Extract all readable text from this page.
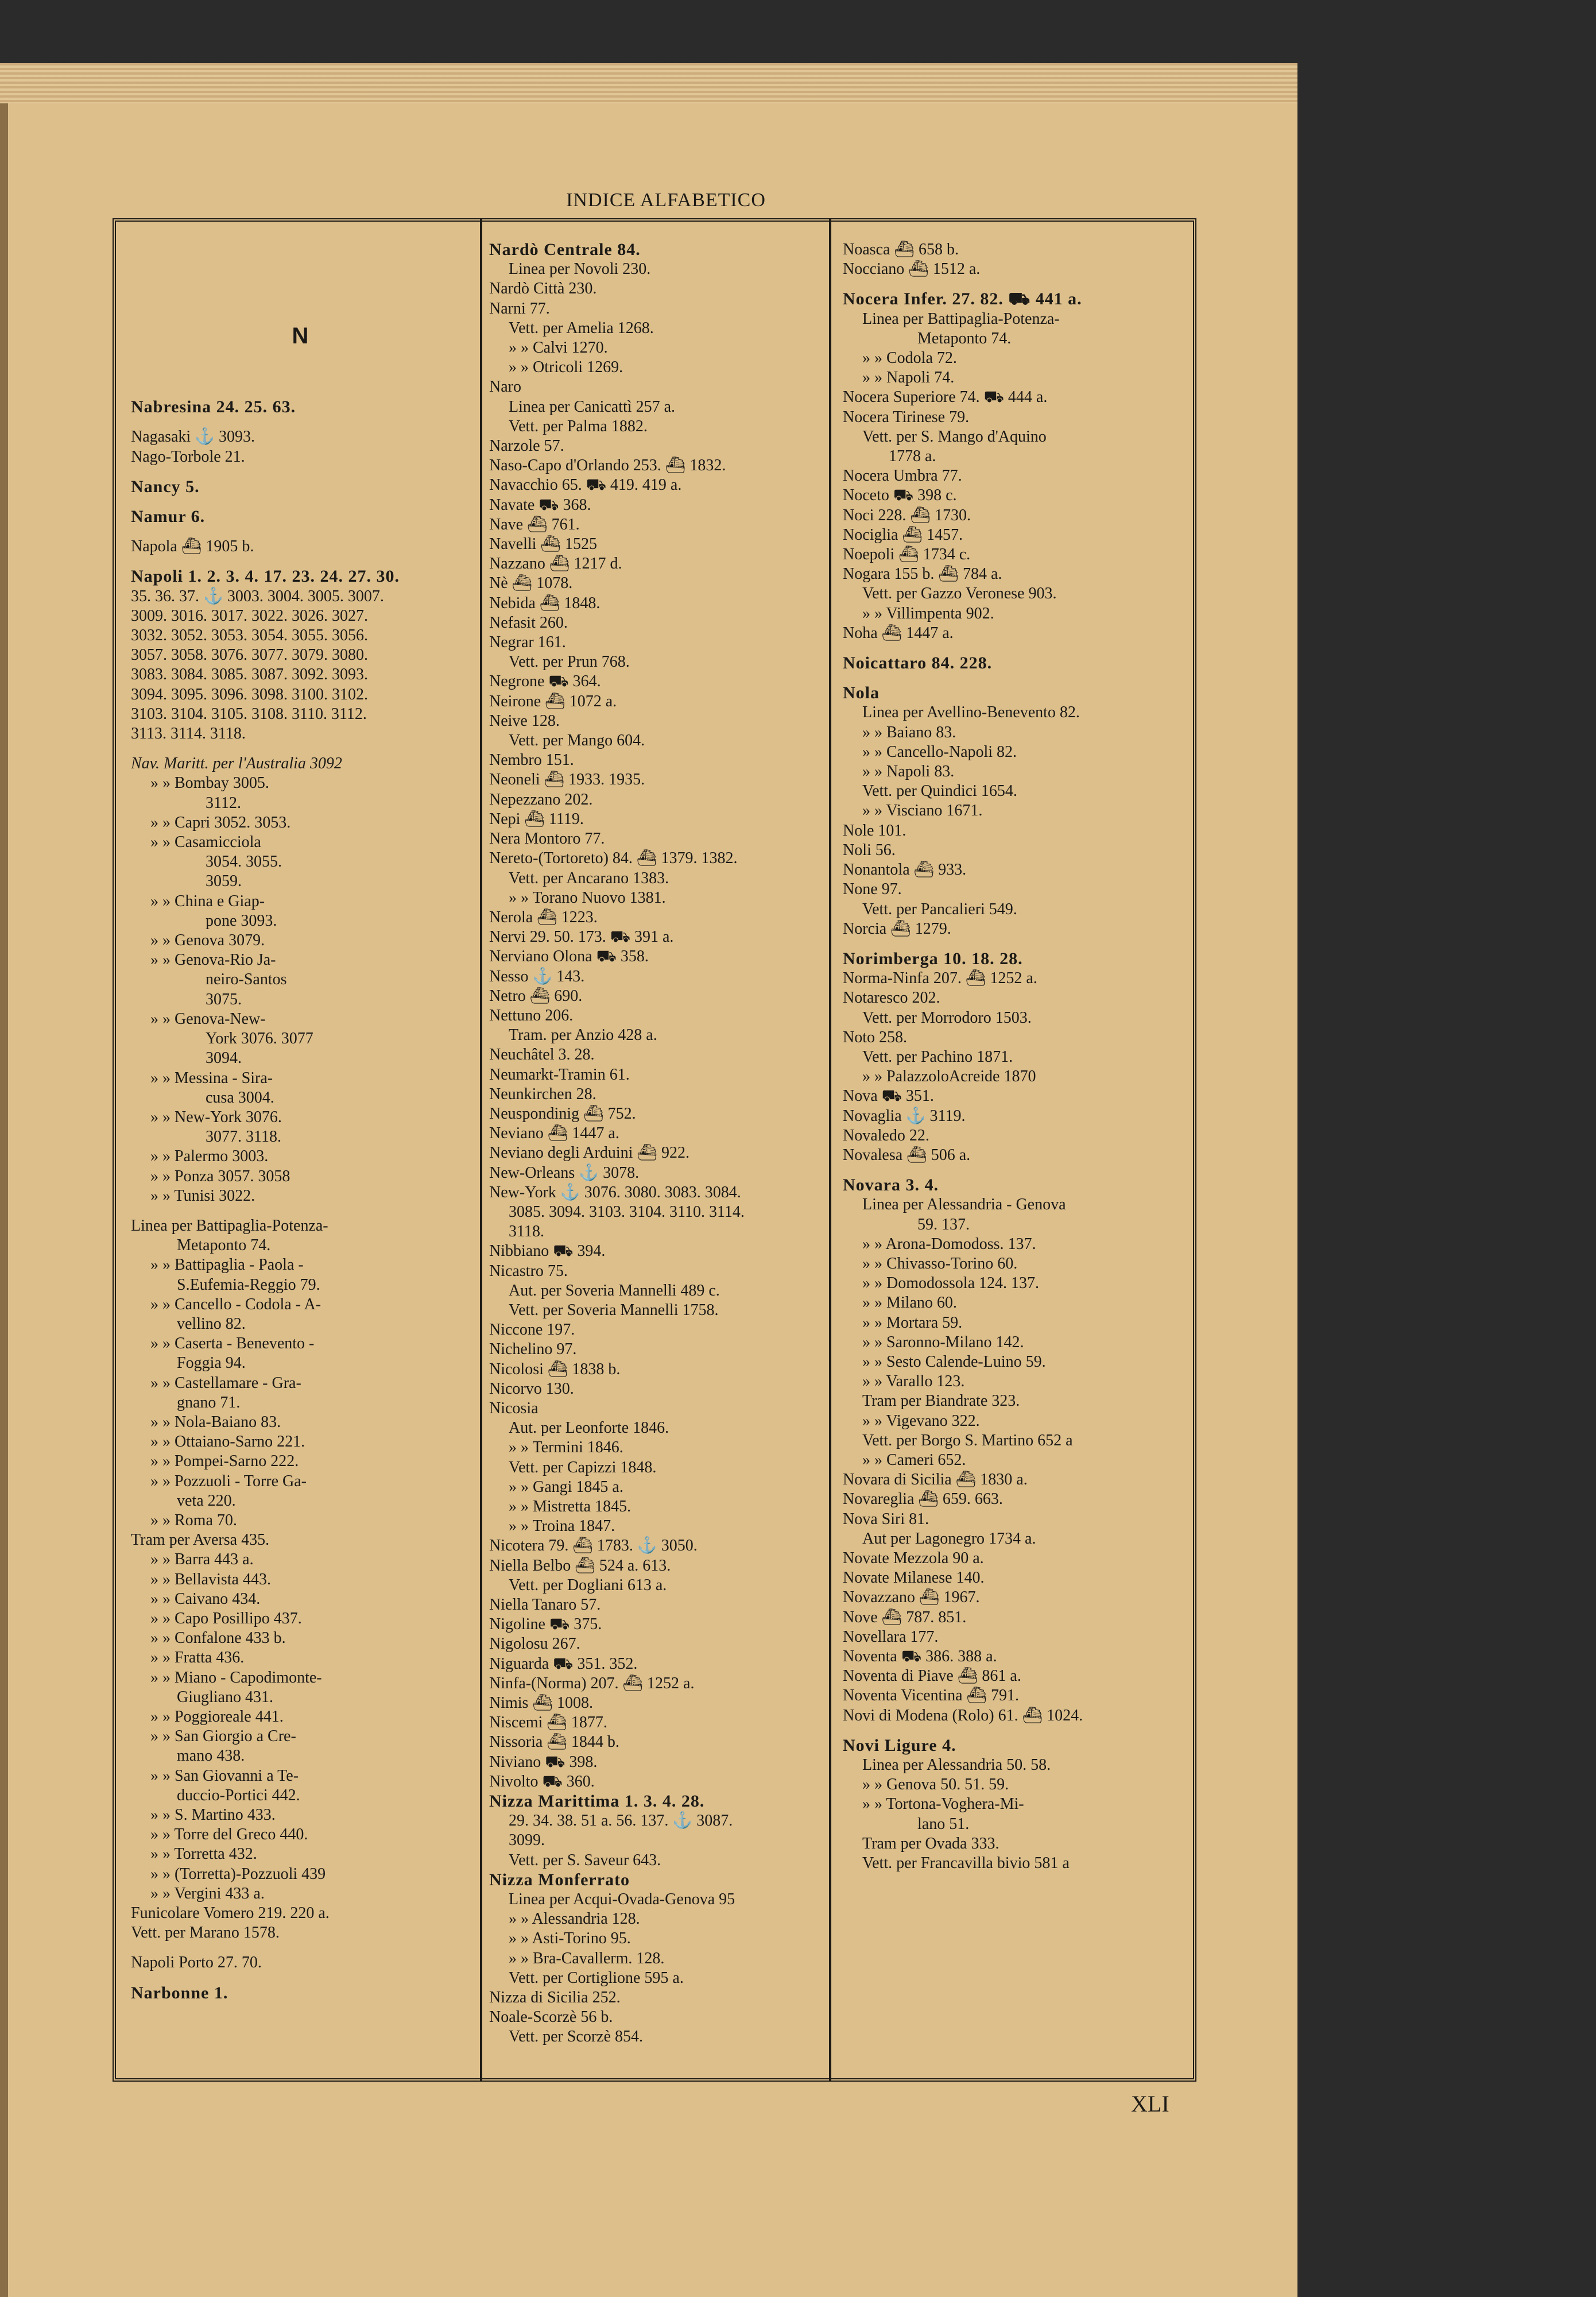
INDICE ALFABETICO
N
Nabresina 24. 25. 63.
Nagasaki ⚓ 3093.
Nago-Torbole 21.
Nancy 5.
Namur 6.
Napola ⛴ 1905 b.
Napoli 1. 2. 3. 4. 17. 23. 24. 27. 30.
35. 36. 37. ⚓ 3003. 3004. 3005. 3007.
3009. 3016. 3017. 3022. 3026. 3027.
3032. 3052. 3053. 3054. 3055. 3056.
3057. 3058. 3076. 3077. 3079. 3080.
3083. 3084. 3085. 3087. 3092. 3093.
3094. 3095. 3096. 3098. 3100. 3102.
3103. 3104. 3105. 3108. 3110. 3112.
3113. 3114. 3118.
Nav. Maritt. per l'Australia 3092
» » Bombay 3005.
3112.
» » Capri 3052. 3053.
» » Casamicciola
3054. 3055.
3059.
» » China e Giap-
pone 3093.
» » Genova 3079.
» » Genova-Rio Ja-
neiro-Santos
3075.
» » Genova-New-
York 3076. 3077
3094.
» » Messina - Sira-
cusa 3004.
» » New-York 3076.
3077. 3118.
» » Palermo 3003.
» » Ponza 3057. 3058
» » Tunisi 3022.
Linea per Battipaglia-Potenza-
Metaponto 74.
» » Battipaglia - Paola -
S.Eufemia-Reggio 79.
» » Cancello - Codola - A-
vellino 82.
» » Caserta - Benevento -
Foggia 94.
» » Castellamare - Gra-
gnano 71.
» » Nola-Baiano 83.
» » Ottaiano-Sarno 221.
» » Pompei-Sarno 222.
» » Pozzuoli - Torre Ga-
veta 220.
» » Roma 70.
Tram per Aversa 435.
» » Barra 443 a.
» » Bellavista 443.
» » Caivano 434.
» » Capo Posillipo 437.
» » Confalone 433 b.
» » Fratta 436.
» » Miano - Capodimonte-
Giugliano 431.
» » Poggioreale 441.
» » San Giorgio a Cre-
mano 438.
» » San Giovanni a Te-
duccio-Portici 442.
» » S. Martino 433.
» » Torre del Greco 440.
» » Torretta 432.
» » (Torretta)-Pozzuoli 439
» » Vergini 433 a.
Funicolare Vomero 219. 220 a.
Vett. per Marano 1578.
Napoli Porto 27. 70.
Narbonne 1.
Nardò Centrale 84.
Linea per Novoli 230.
Nardò Città 230.
Narni 77.
Vett. per Amelia 1268.
» » Calvi 1270.
» » Otricoli 1269.
Naro
Linea per Canicattì 257 a.
Vett. per Palma 1882.
Narzole 57.
Naso-Capo d'Orlando 253. ⛴ 1832.
Navacchio 65. ⛟ 419. 419 a.
Navate ⛟ 368.
Nave ⛴ 761.
Navelli ⛴ 1525
Nazzano ⛴ 1217 d.
Nè ⛴ 1078.
Nebida ⛴ 1848.
Nefasit 260.
Negrar 161.
Vett. per Prun 768.
Negrone ⛟ 364.
Neirone ⛴ 1072 a.
Neive 128.
Vett. per Mango 604.
Nembro 151.
Neoneli ⛴ 1933. 1935.
Nepezzano 202.
Nepi ⛴ 1119.
Nera Montoro 77.
Nereto-(Tortoreto) 84. ⛴ 1379. 1382.
Vett. per Ancarano 1383.
» » Torano Nuovo 1381.
Nerola ⛴ 1223.
Nervi 29. 50. 173. ⛟ 391 a.
Nerviano Olona ⛟ 358.
Nesso ⚓ 143.
Netro ⛴ 690.
Nettuno 206.
Tram. per Anzio 428 a.
Neuchâtel 3. 28.
Neumarkt-Tramin 61.
Neunkirchen 28.
Neuspondinig ⛴ 752.
Neviano ⛴ 1447 a.
Neviano degli Arduini ⛴ 922.
New-Orleans ⚓ 3078.
New-York ⚓ 3076. 3080. 3083. 3084.
3085. 3094. 3103. 3104. 3110. 3114.
3118.
Nibbiano ⛟ 394.
Nicastro 75.
Aut. per Soveria Mannelli 489 c.
Vett. per Soveria Mannelli 1758.
Niccone 197.
Nichelino 97.
Nicolosi ⛴ 1838 b.
Nicorvo 130.
Nicosia
Aut. per Leonforte 1846.
» » Termini 1846.
Vett. per Capizzi 1848.
» » Gangi 1845 a.
» » Mistretta 1845.
» » Troina 1847.
Nicotera 79. ⛴ 1783. ⚓ 3050.
Niella Belbo ⛴ 524 a. 613.
Vett. per Dogliani 613 a.
Niella Tanaro 57.
Nigoline ⛟ 375.
Nigolosu 267.
Niguarda ⛟ 351. 352.
Ninfa-(Norma) 207. ⛴ 1252 a.
Nimis ⛴ 1008.
Niscemi ⛴ 1877.
Nissoria ⛴ 1844 b.
Niviano ⛟ 398.
Nivolto ⛟ 360.
Nizza Marittima 1. 3. 4. 28.
29. 34. 38. 51 a. 56. 137. ⚓ 3087.
3099.
Vett. per S. Saveur 643.
Nizza Monferrato
Linea per Acqui-Ovada-Genova 95
» » Alessandria 128.
» » Asti-Torino 95.
» » Bra-Cavallerm. 128.
Vett. per Cortiglione 595 a.
Nizza di Sicilia 252.
Noale-Scorzè 56 b.
Vett. per Scorzè 854.
Noasca ⛴ 658 b.
Nocciano ⛴ 1512 a.
Nocera Infer. 27. 82. ⛟ 441 a.
Linea per Battipaglia-Potenza-
Metaponto 74.
» » Codola 72.
» » Napoli 74.
Nocera Superiore 74. ⛟ 444 a.
Nocera Tirinese 79.
Vett. per S. Mango d'Aquino
1778 a.
Nocera Umbra 77.
Noceto ⛟ 398 c.
Noci 228. ⛴ 1730.
Nociglia ⛴ 1457.
Noepoli ⛴ 1734 c.
Nogara 155 b. ⛴ 784 a.
Vett. per Gazzo Veronese 903.
» » Villimpenta 902.
Noha ⛴ 1447 a.
Noicattaro 84. 228.
Nola
Linea per Avellino-Benevento 82.
» » Baiano 83.
» » Cancello-Napoli 82.
» » Napoli 83.
Vett. per Quindici 1654.
» » Visciano 1671.
Nole 101.
Noli 56.
Nonantola ⛴ 933.
None 97.
Vett. per Pancalieri 549.
Norcia ⛴ 1279.
Norimberga 10. 18. 28.
Norma-Ninfa 207. ⛴ 1252 a.
Notaresco 202.
Vett. per Morrodoro 1503.
Noto 258.
Vett. per Pachino 1871.
» » PalazzoloAcreide 1870
Nova ⛟ 351.
Novaglia ⚓ 3119.
Novaledo 22.
Novalesa ⛴ 506 a.
Novara 3. 4.
Linea per Alessandria - Genova
59. 137.
» » Arona-Domodoss. 137.
» » Chivasso-Torino 60.
» » Domodossola 124. 137.
» » Milano 60.
» » Mortara 59.
» » Saronno-Milano 142.
» » Sesto Calende-Luino 59.
» » Varallo 123.
Tram per Biandrate 323.
» » Vigevano 322.
Vett. per Borgo S. Martino 652 a
» » Cameri 652.
Novara di Sicilia ⛴ 1830 a.
Novareglia ⛴ 659. 663.
Nova Siri 81.
Aut per Lagonegro 1734 a.
Novate Mezzola 90 a.
Novate Milanese 140.
Novazzano ⛴ 1967.
Nove ⛴ 787. 851.
Novellara 177.
Noventa ⛟ 386. 388 a.
Noventa di Piave ⛴ 861 a.
Noventa Vicentina ⛴ 791.
Novi di Modena (Rolo) 61. ⛴ 1024.
Novi Ligure 4.
Linea per Alessandria 50. 58.
» » Genova 50. 51. 59.
» » Tortona-Voghera-Mi-
lano 51.
Tram per Ovada 333.
Vett. per Francavilla bivio 581 a
XLI
